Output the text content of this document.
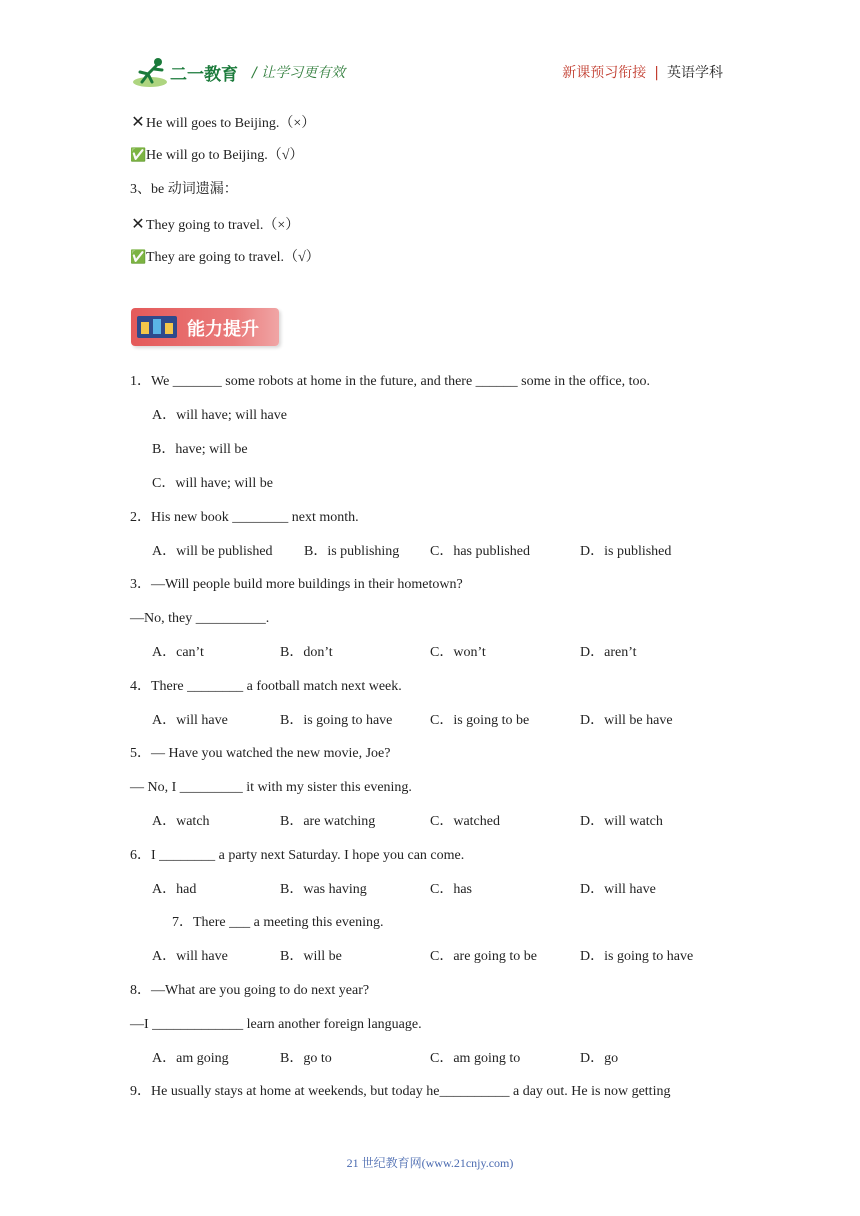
二一教育 / 让学习更有效	新课预习衔接 | 英语学科
✕He will goes to Beijing.（×）
✅He will go to Beijing.（√）
3、be 动词遗漏：
✕They going to travel.（×）
✅They are going to travel.（√）
能力提升
1．We _______ some robots at home in the future, and there ______ some in the office, too.
A．will have; will have
B．have; will be
C．will have; will be
2．His new book ________ next month.
A．will be published B．is publishing C．has published	D．is published
3．—Will people build more buildings in their hometown?
—No, they __________.
A．can’t	B．don’t	C．won’t	D．aren’t
4．There ________ a football match next week.
A．will have	B．is going to have	C．is going to be	D．will be have
5．— Have you watched the new movie, Joe?
— No, I _________ it with my sister this evening.
A．watch	B．are watching	C．watched	D．will watch
6．I ________ a party next Saturday. I hope you can come.
A．had	B．was having	C．has	D．will have
7．There ___ a meeting this evening.
A．will have	B．will be	C．are going to be	D．is going to have
8．—What are you going to do next year?
—I _____________ learn another foreign language.
A．am going	B．go to	C．am going to	D．go
9．He usually stays at home at weekends, but today he__________ a day out. He is now getting
21 世纪教育网(www.21cnjy.com)
